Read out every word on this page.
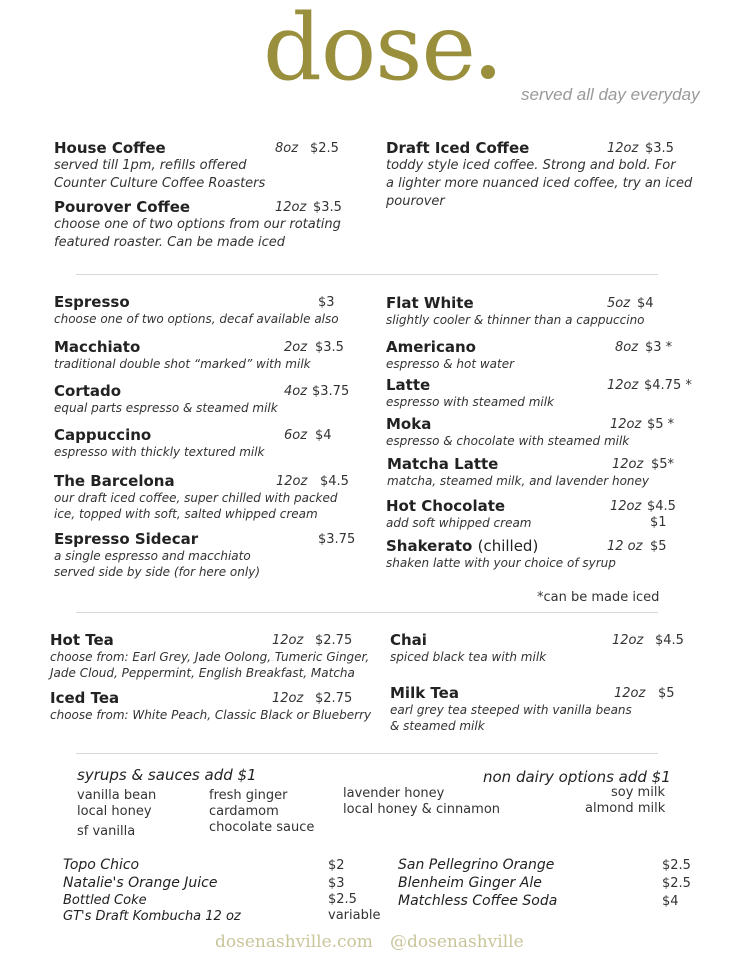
dose	served all day everyday
House Coffee	8oz $2.5
served till 1pm, refills offered
Counter Culture Coffee Roasters
Pourover Coffee	12oz $3.5
choose one of two options from our rotating
featured roaster. Can be made iced
Draft Iced Coffee	12oz $3.5
toddy style iced coffee. Strong and bold. For
a lighter more nuanced iced coffee, try an iced
pourover
Espresso	$3
choose one of two options, decaf available also
Macchiato	2oz $3.5
traditional double shot “marked” with milk
Cortado	4oz $3.75
equal parts espresso & steamed milk
Cappuccino	6oz $4
espresso with thickly textured milk
The Barcelona	12oz $4.5
our draft iced coffee, super chilled with packed
ice, topped with soft, salted whipped cream
Espresso Sidecar	$3.75
a single espresso and macchiato
served side by side (for here only)
Flat White	5oz $4
slightly cooler & thinner than a cappuccino
Americano	8oz $3 *
espresso & hot water
Latte	12oz $4.75 *
espresso with steamed milk
Moka	12oz $5 *
espresso & chocolate with steamed milk
Matcha Latte	12oz $5*
matcha, steamed milk, and lavender honey
Hot Chocolate	12oz $4.5
add soft whipped cream	$1
Shakerato (chilled)	12 oz $5
shaken latte with your choice of syrup
*can be made iced
Hot Tea	12oz $2.75
choose from: Earl Grey, Jade Oolong, Tumeric Ginger,
Jade Cloud, Peppermint, English Breakfast, Matcha
Iced Tea	12oz $2.75
choose from: White Peach, Classic Black or Blueberry
Chai	12oz $4.5
spiced black tea with milk
Milk Tea	12oz $5
earl grey tea steeped with vanilla beans
& steamed milk
syrups & sauces add $1
vanilla bean
local honey
sf vanilla
fresh ginger
cardamom
chocolate sauce
lavender honey
local honey & cinnamon
non dairy options add $1
soy milk
almond milk
Topo Chico	$2
Natalie's Orange Juice	$3
Bottled Coke	$2.5
GT's Draft Kombucha 12 oz	variable
San Pellegrino Orange	$2.5
Blenheim Ginger Ale	$2.5
Matchless Coffee Soda	$4
dosenashville.com @dosenashville
